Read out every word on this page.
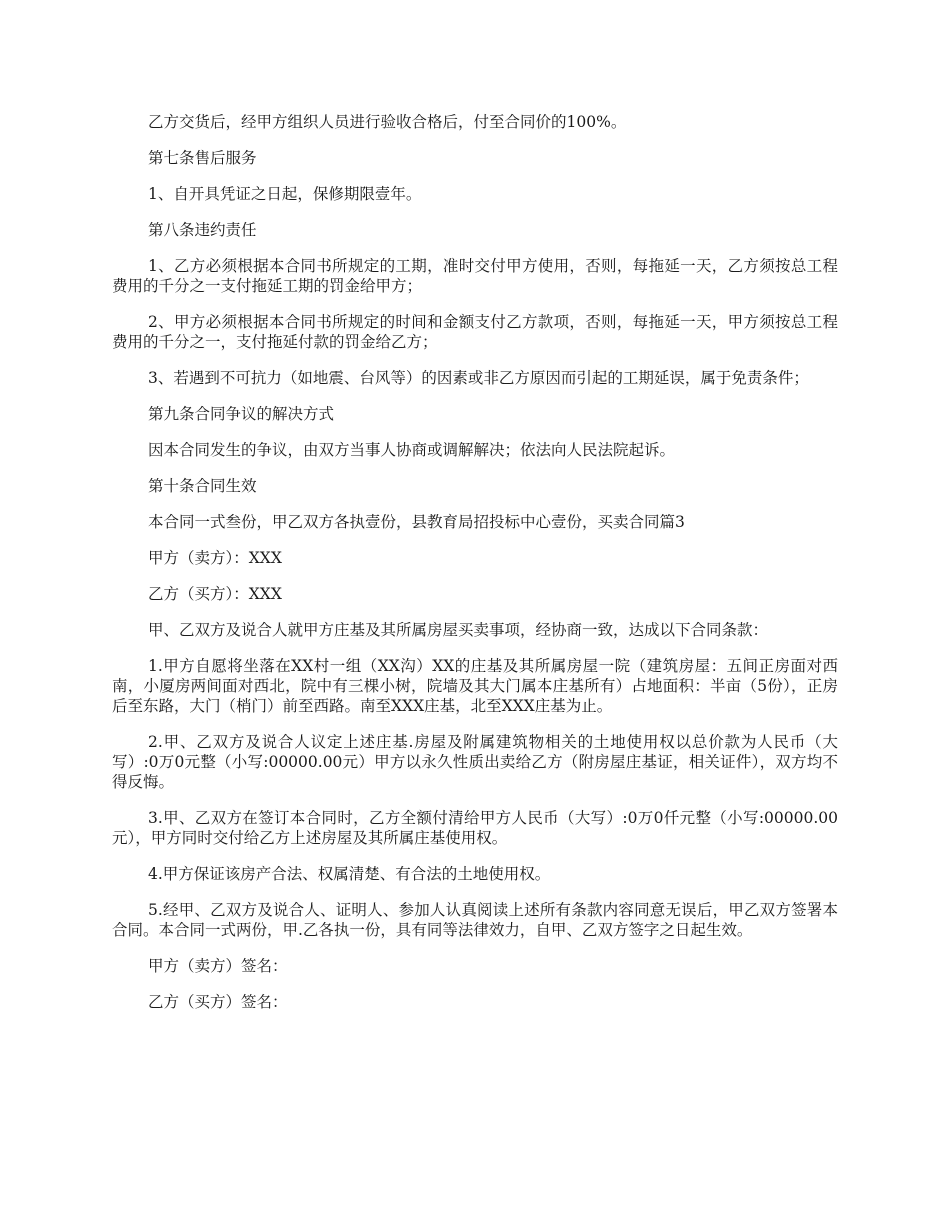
乙方交货后，经甲方组织人员进行验收合格后，付至合同价的100%。

第七条售后服务

1、自开具凭证之日起，保修期限壹年。

第八条违约责任

1、乙方必须根据本合同书所规定的工期，准时交付甲方使用，否则，每拖延一天，乙方须按总工程费用的千分之一支付拖延工期的罚金给甲方；

2、甲方必须根据本合同书所规定的时间和金额支付乙方款项，否则，每拖延一天，甲方须按总工程费用的千分之一，支付拖延付款的罚金给乙方；

3、若遇到不可抗力（如地震、台风等）的因素或非乙方原因而引起的工期延误，属于免责条件；

第九条合同争议的解决方式

因本合同发生的争议，由双方当事人协商或调解解决；依法向人民法院起诉。

第十条合同生效

本合同一式叁份，甲乙双方各执壹份，县教育局招投标中心壹份，买卖合同篇3

甲方（卖方）：XXX

乙方（买方）：XXX

甲、乙双方及说合人就甲方庄基及其所属房屋买卖事项，经协商一致，达成以下合同条款：

1.甲方自愿将坐落在XX村一组（XX沟）XX的庄基及其所属房屋一院（建筑房屋：五间正房面对西南，小厦房两间面对西北，院中有三棵小树，院墙及其大门属本庄基所有）占地面积：半亩（5份），正房后至东路，大门（梢门）前至西路。南至XXX庄基，北至XXX庄基为止。

2.甲、乙双方及说合人议定上述庄基.房屋及附属建筑物相关的土地使用权以总价款为人民币（大写）:0万0元整（小写:00000.00元）甲方以永久性质出卖给乙方（附房屋庄基证，相关证件），双方均不得反悔。

3.甲、乙双方在签订本合同时，乙方全额付清给甲方人民币（大写）:0万0仟元整（小写:00000.00元），甲方同时交付给乙方上述房屋及其所属庄基使用权。

4.甲方保证该房产合法、权属清楚、有合法的土地使用权。

5.经甲、乙双方及说合人、证明人、参加人认真阅读上述所有条款内容同意无误后，甲乙双方签署本合同。本合同一式两份，甲.乙各执一份，具有同等法律效力，自甲、乙双方签字之日起生效。

甲方（卖方）签名：

乙方（买方）签名：
